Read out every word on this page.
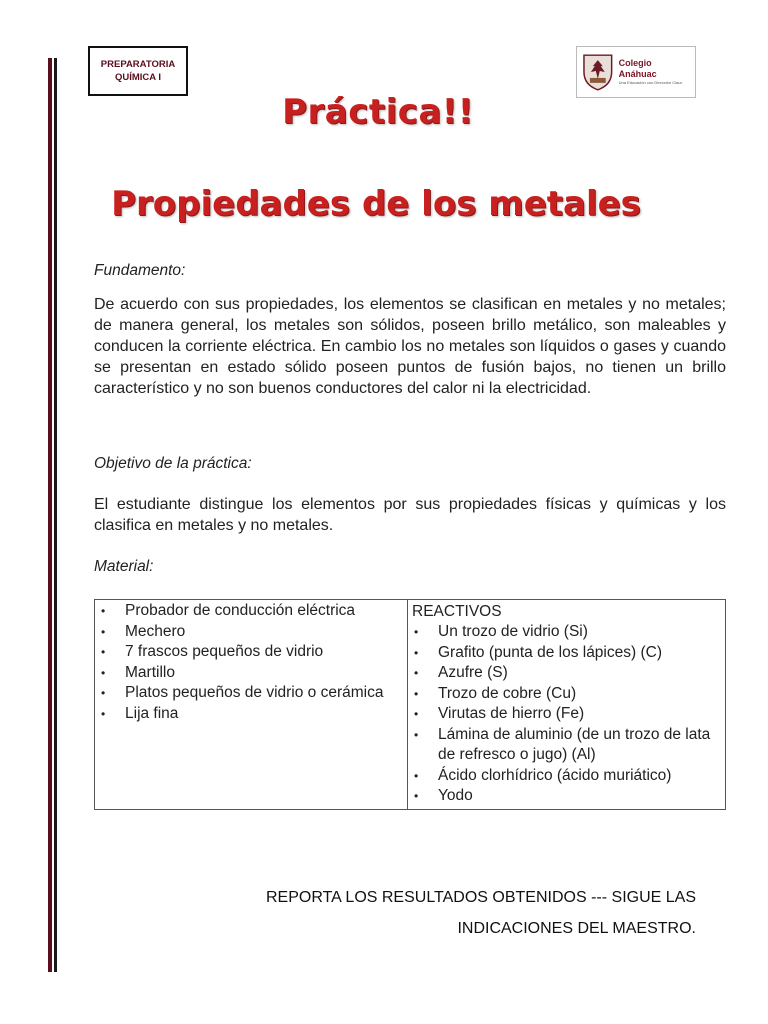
PREPARATORIA
QUÍMICA I
Colegio Anáhuac
Una Educación con Dirección Clara
Práctica!!
Propiedades de los metales
Fundamento:
De acuerdo con sus propiedades, los elementos se clasifican en metales y no metales; de manera general, los metales son sólidos, poseen brillo metálico, son maleables y conducen la corriente eléctrica. En cambio los no metales son líquidos o gases y cuando se presentan en estado sólido poseen puntos de fusión bajos, no tienen un brillo característico y no son buenos conductores del calor ni la electricidad.
Objetivo de la práctica:
El estudiante distingue los elementos por sus propiedades físicas y químicas y los clasifica en metales y no metales.
Material:
• Probador de conducción eléctrica
• Mechero
• 7 frascos pequeños de vidrio
• Martillo
• Platos pequeños de vidrio o cerámica
• Lija fina

REACTIVOS
• Un trozo de vidrio (Si)
• Grafito (punta de los lápices) (C)
• Azufre (S)
• Trozo de cobre (Cu)
• Virutas de hierro (Fe)
• Lámina de aluminio (de un trozo de lata de refresco o jugo) (Al)
• Ácido clorhídrico (ácido muriático)
• Yodo
REPORTA LOS RESULTADOS OBTENIDOS --- SIGUE LAS
INDICACIONES DEL MAESTRO.
